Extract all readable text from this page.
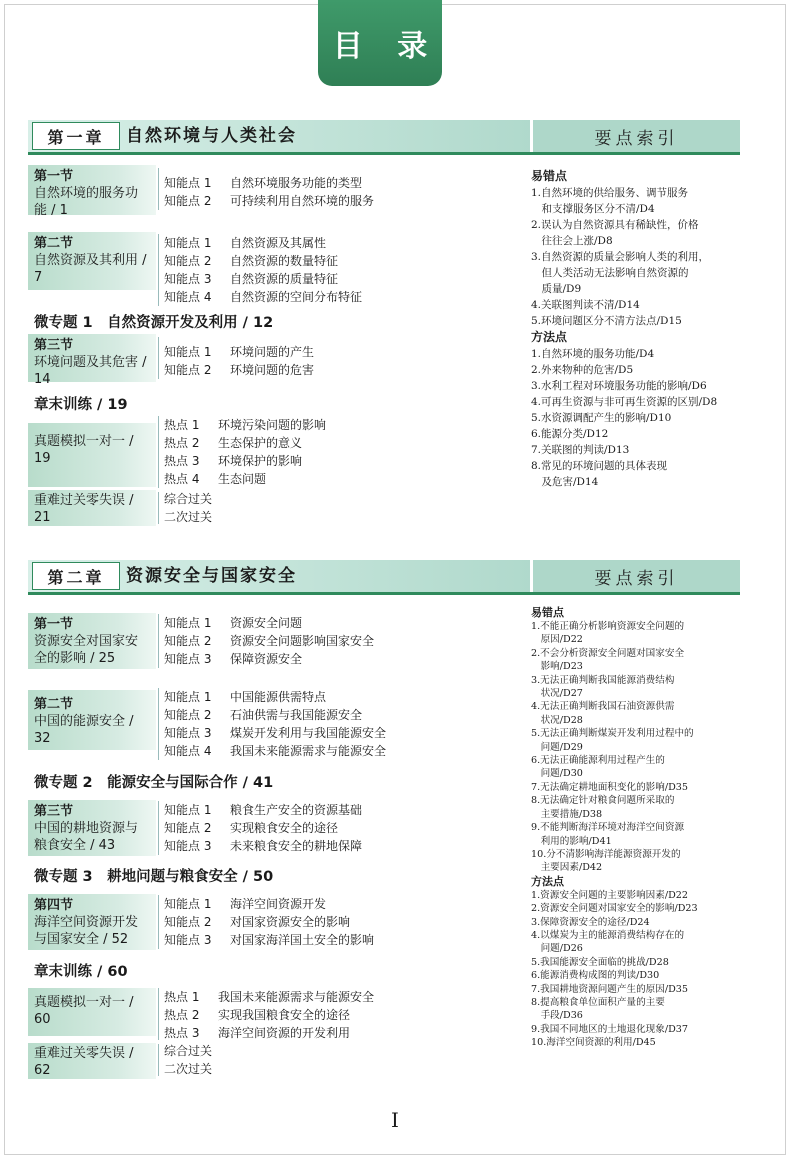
目 录
第一章	自然环境与人类社会	要点索引
第一节
自然环境的服务功能 / 1
知能点 1 自然环境服务功能的类型
知能点 2 可持续利用自然环境的服务
第二节
自然资源及其利用 / 7
知能点 1 自然资源及其属性
知能点 2 自然资源的数量特征
知能点 3 自然资源的质量特征
知能点 4 自然资源的空间分布特征
微专题 1　自然资源开发及利用 / 12
第三节
环境问题及其危害 / 14
知能点 1 环境问题的产生
知能点 2 环境问题的危害
章末训练 / 19
真题模拟一对一 / 19
热点 1 环境污染问题的影响
热点 2 生态保护的意义
热点 3 环境保护的影响
热点 4 生态问题
重难过关零失误 / 21
综合过关
二次过关
易错点
1.自然环境的供给服务、调节服务
　和支撑服务区分不清/D4
2.误认为自然资源具有稀缺性，价格
　往往会上涨/D8
3.自然资源的质量会影响人类的利用，
　但人类活动无法影响自然资源的
　质量/D9
4.关联图判读不清/D14
5.环境问题区分不清方法点/D15
方法点
1.自然环境的服务功能/D4
2.外来物种的危害/D5
3.水利工程对环境服务功能的影响/D6
4.可再生资源与非可再生资源的区别/D8
5.水资源调配产生的影响/D10
6.能源分类/D12
7.关联图的判读/D13
8.常见的环境问题的具体表现
　及危害/D14
第二章	资源安全与国家安全	要点索引
第一节
资源安全对国家安全的影响 / 25
知能点 1 资源安全问题
知能点 2 资源安全问题影响国家安全
知能点 3 保障资源安全
第二节
中国的能源安全 / 32
知能点 1 中国能源供需特点
知能点 2 石油供需与我国能源安全
知能点 3 煤炭开发利用与我国能源安全
知能点 4 我国未来能源需求与能源安全
微专题 2　能源安全与国际合作 / 41
第三节
中国的耕地资源与粮食安全 / 43
知能点 1 粮食生产安全的资源基础
知能点 2 实现粮食安全的途径
知能点 3 未来粮食安全的耕地保障
微专题 3　耕地问题与粮食安全 / 50
第四节
海洋空间资源开发与国家安全 / 52
知能点 1 海洋空间资源开发
知能点 2 对国家资源安全的影响
知能点 3 对国家海洋国土安全的影响
章末训练 / 60
真题模拟一对一 / 60
热点 1 我国未来能源需求与能源安全
热点 2 实现我国粮食安全的途径
热点 3 海洋空间资源的开发利用
重难过关零失误 / 62
综合过关
二次过关
易错点
1.不能正确分析影响资源安全问题的
　原因/D22
2.不会分析资源安全问题对国家安全
　影响/D23
3.无法正确判断我国能源消费结构
　状况/D27
4.无法正确判断我国石油资源供需
　状况/D28
5.无法正确判断煤炭开发利用过程中的
　问题/D29
6.无法正确能源利用过程产生的
　问题/D30
7.无法确定耕地面积变化的影响/D35
8.无法确定针对粮食问题所采取的
　主要措施/D38
9.不能判断海洋环境对海洋空间资源
　利用的影响/D41
10.分不清影响海洋能源资源开发的
　主要因素/D42
方法点
1.资源安全问题的主要影响因素/D22
2.资源安全问题对国家安全的影响/D23
3.保障资源安全的途径/D24
4.以煤炭为主的能源消费结构存在的
　问题/D26
5.我国能源安全面临的挑战/D28
6.能源消费构成图的判读/D30
7.我国耕地资源问题产生的原因/D35
8.提高粮食单位面积产量的主要
　手段/D36
9.我国不同地区的土地退化现象/D37
10.海洋空间资源的利用/D45
I
